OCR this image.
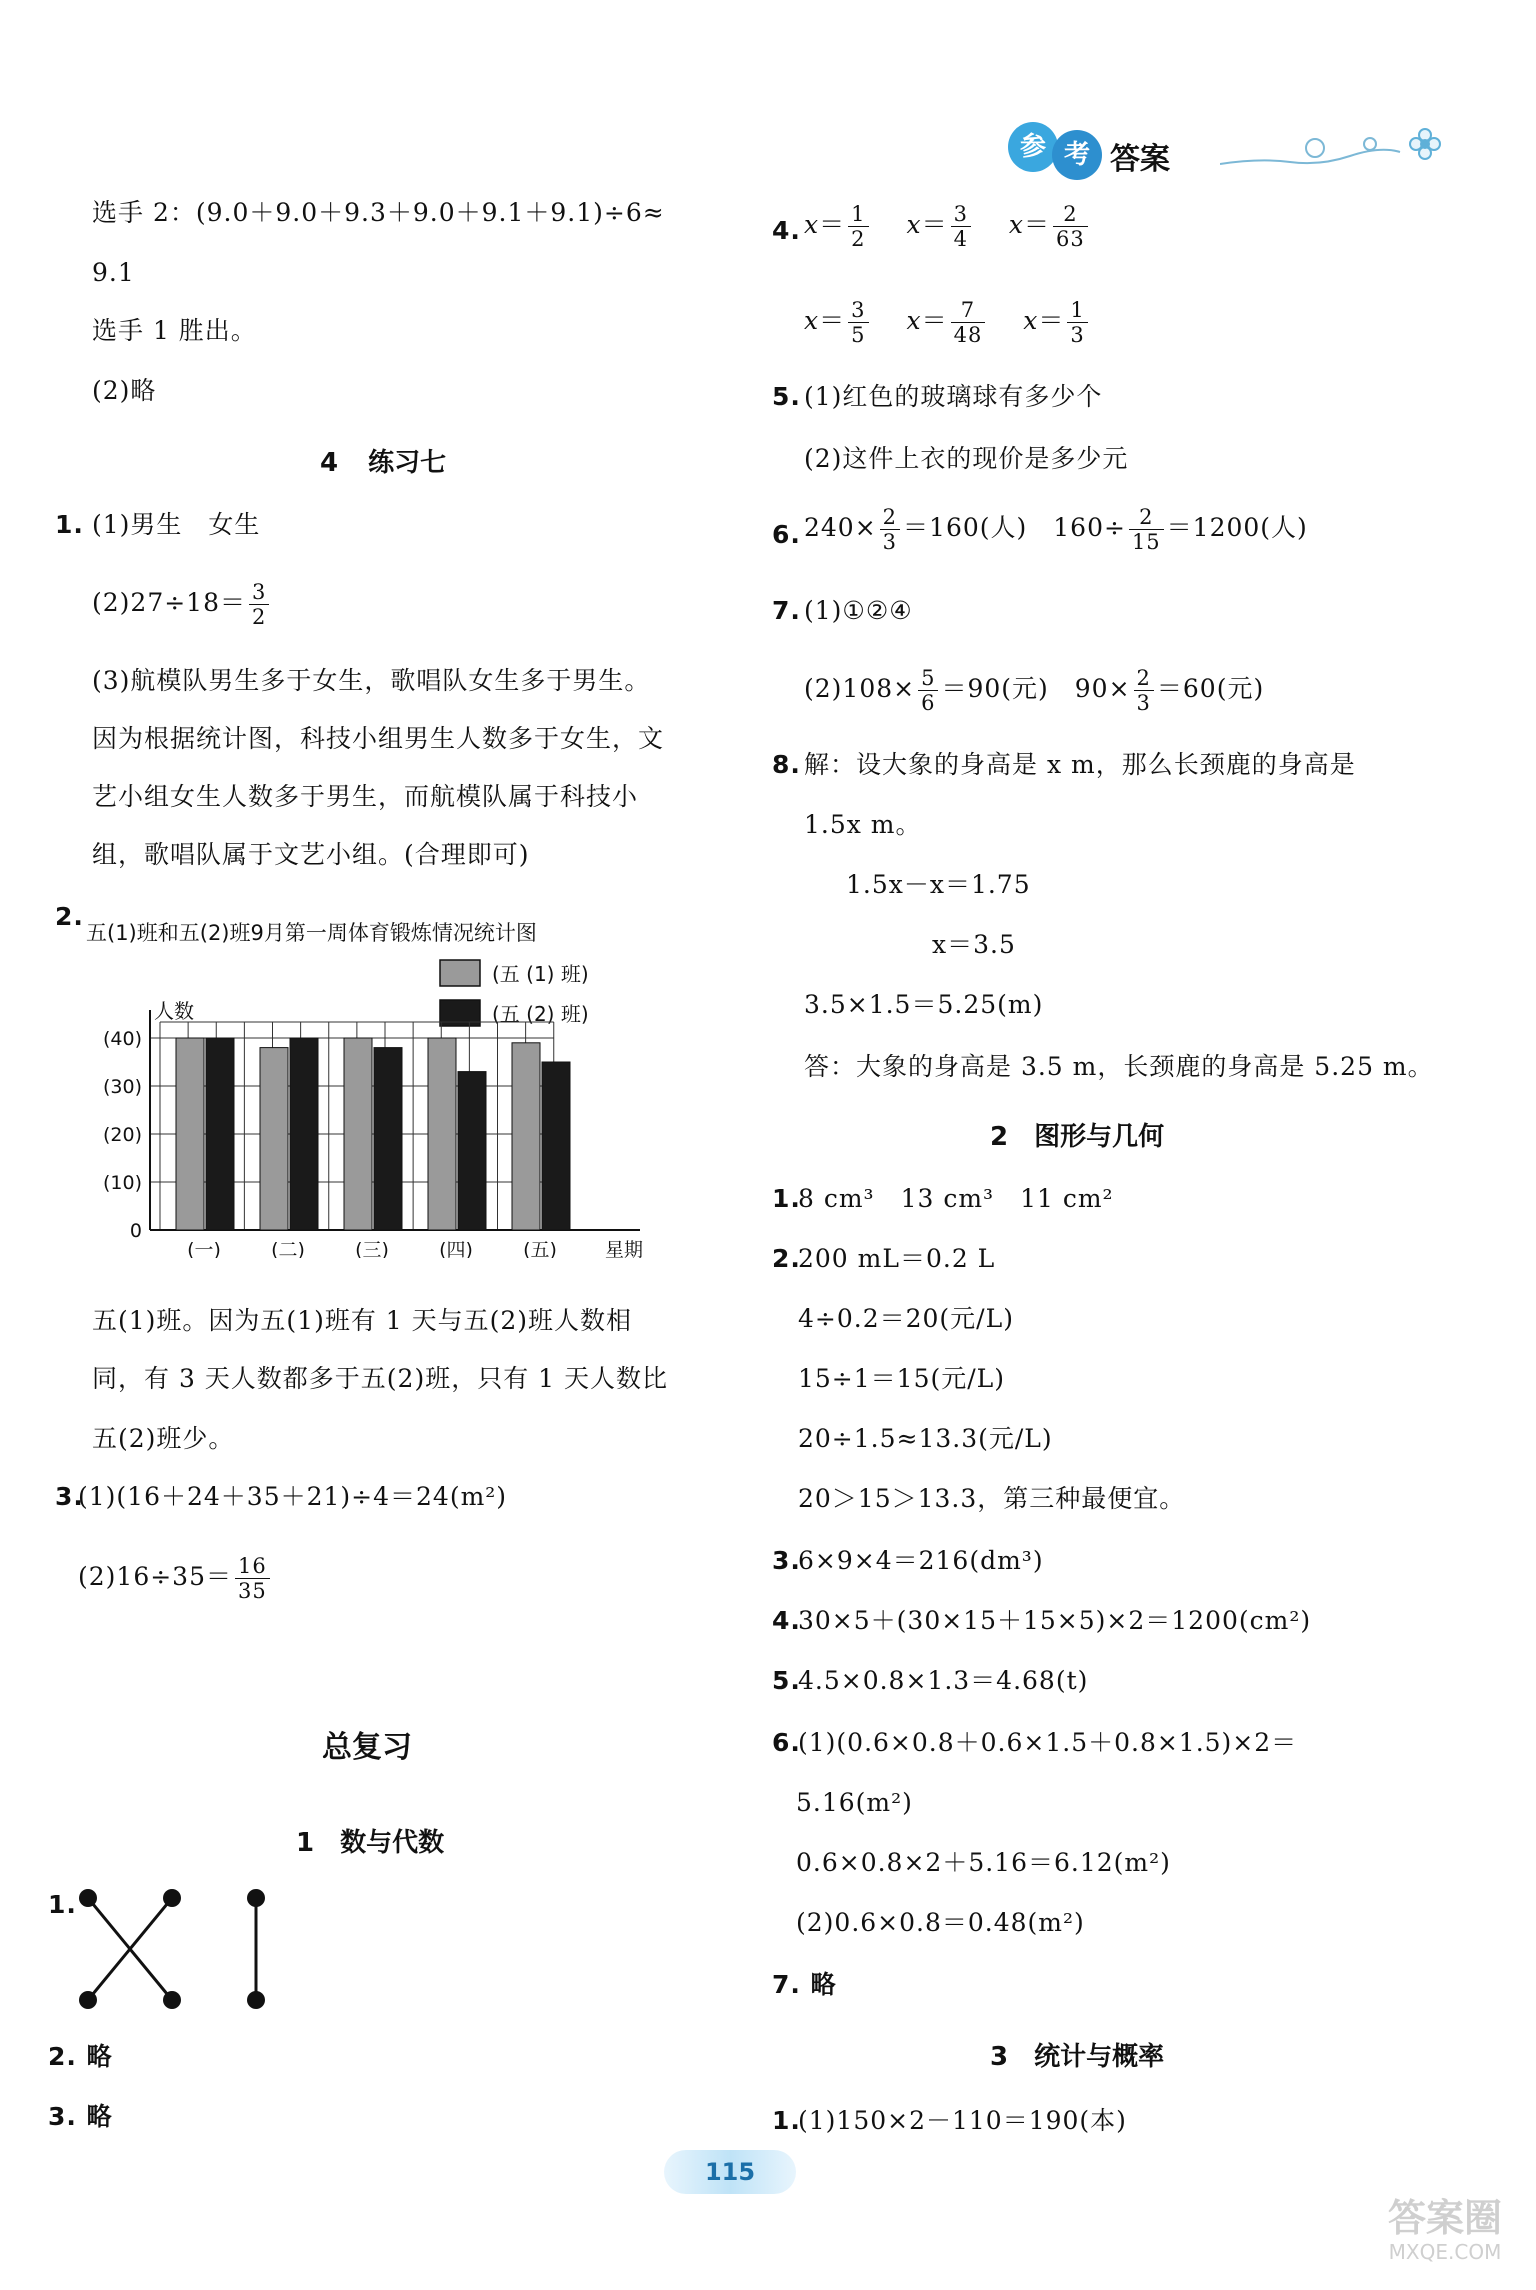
参 考 答案
选手 2：(9.0＋9.0＋9.3＋9.0＋9.1＋9.1)÷6≈
9.1
选手 1 胜出。
(2)略
4 练习七
1. (1)男生　女生
$(2)27\div 18= \frac{3}{2}$
(3)航模队男生多于女生，歌唱队女生多于男生。
因为根据统计图，科技小组男生人数多于女生，文
艺小组女生人数多于男生，而航模队属于科技小
组，歌唱队属于文艺小组。(合理即可)
2.
五(1)班和五(2)班9月第一周体育锻炼情况统计图
(五 (1) 班)
(五 (2) 班)
人数
0
(10)
(20)
(30)
(40)
(一)	(二)	(三)	(四)	(五)	星期
五(1)班。因为五(1)班有 1 天与五(2)班人数相
同，有 3 天人数都多于五(2)班，只有 1 天人数比
五(2)班少。
3.
(1)(16＋24＋35＋21)÷4＝24(m²)
$(2)16\div 35= \frac{16}{35}$
总复习
1 数与代数
1.
2. 略
3. 略
4. $x= \frac{1}{2} x= \frac{3}{4} x= \frac{2}{63}$
$x= \frac{3}{5} x= \frac{7}{48} x= \frac{1}{3}$
5. (1)红色的玻璃球有多少个
(2)这件上衣的现价是多少元
6. $240\times \frac{2}{3} =160$(人)　$160\div \frac{2}{15} =1200$(人)
7. (1)①②④
$(2)108\times \frac{5}{6} =90$(元)　$90\times \frac{2}{3} =60$(元)
8. 解：设大象的身高是 x m，那么长颈鹿的身高是
1.5x m。
1.5x－x＝1.75
x＝3.5
3.5×1.5＝5.25(m)
答：大象的身高是 3.5 m，长颈鹿的身高是 5.25 m。
2 图形与几何
1.
8 cm³　13 cm³　11 cm²
2.
200 mL＝0.2 L
4÷0.2＝20(元/L)
15÷1＝15(元/L)
20÷1.5≈13.3(元/L)
20＞15＞13.3，第三种最便宜。
3.
6×9×4＝216(dm³)
4.
30×5＋(30×15＋15×5)×2＝1200(cm²)
5.
4.5×0.8×1.3＝4.68(t)
6.
(1)(0.6×0.8＋0.6×1.5＋0.8×1.5)×2＝
5.16(m²)
0.6×0.8×2＋5.16＝6.12(m²)
(2)0.6×0.8＝0.48(m²)
7. 略
3 统计与概率
1.
(1)150×2－110＝190(本)
115
答案圈
MXQE.COM
